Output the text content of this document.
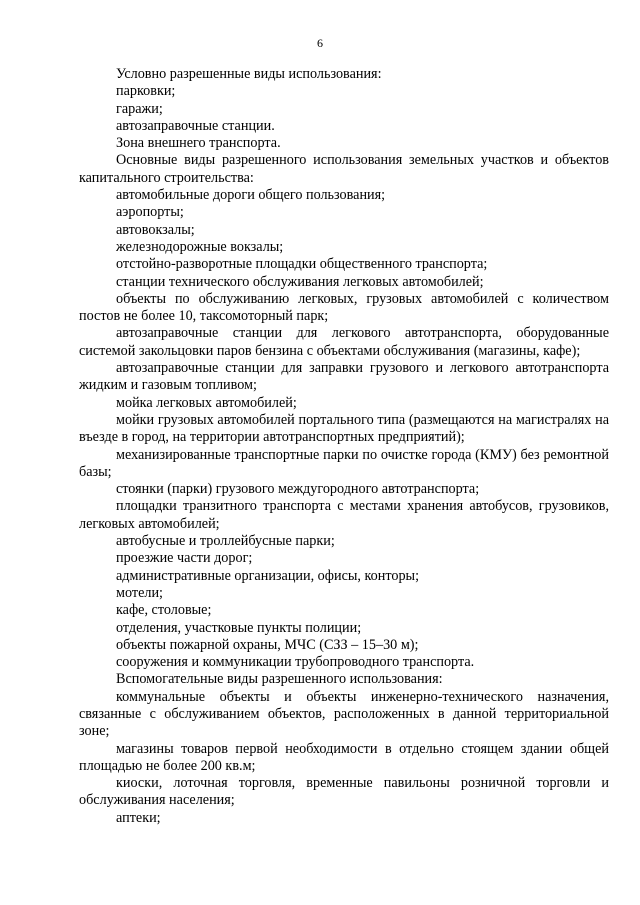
6

Условно разрешенные виды использования:

парковки;

гаражи;

автозаправочные станции.

Зона внешнего транспорта.

Основные виды разрешенного использования земельных участков и объектов капитального строительства:

автомобильные дороги общего пользования;

аэропорты;

автовокзалы;

железнодорожные вокзалы;

отстойно-разворотные площадки общественного транспорта;

станции технического обслуживания легковых автомобилей;

объекты по обслуживанию легковых, грузовых автомобилей с количеством постов не более 10, таксомоторный парк;

автозаправочные станции для легкового автотранспорта, оборудованные системой закольцовки паров бензина с объектами обслуживания (магазины, кафе);

автозаправочные станции для заправки грузового и легкового автотранспорта жидким и газовым топливом;

мойка легковых автомобилей;

мойки грузовых автомобилей портального типа (размещаются на магистралях на въезде в город, на территории автотранспортных предприятий);

механизированные транспортные парки по очистке города (КМУ) без ремонтной базы;

стоянки (парки) грузового междугородного автотранспорта;

площадки транзитного транспорта с местами хранения автобусов, грузовиков, легковых автомобилей;

автобусные и троллейбусные парки;

проезжие части дорог;

административные организации, офисы, конторы;

мотели;

кафе, столовые;

отделения, участковые пункты полиции;

объекты пожарной охраны, МЧС (СЗЗ – 15–30 м);

сооружения и коммуникации трубопроводного транспорта.

Вспомогательные виды разрешенного использования:

коммунальные объекты и объекты инженерно-технического назначения, связанные с обслуживанием объектов, расположенных в данной территориальной зоне;

магазины товаров первой необходимости в отдельно стоящем здании общей площадью не более 200 кв.м;

киоски, лоточная торговля, временные павильоны розничной торговли и обслуживания населения;

аптеки;
